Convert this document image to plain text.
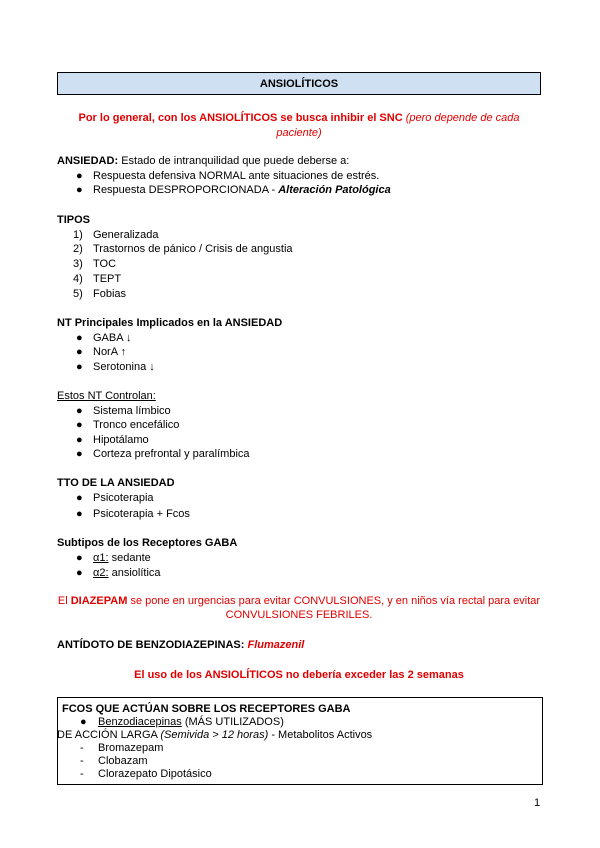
ANSIOLÍTICOS
Por lo general, con los ANSIOLÍTICOS se busca inhibir el SNC (pero depende de cada paciente)
ANSIEDAD: Estado de intranquilidad que puede deberse a:
● Respuesta defensiva NORMAL ante situaciones de estrés.
● Respuesta DESPROPORCIONADA - Alteración Patológica
TIPOS
1) Generalizada
2) Trastornos de pánico / Crisis de angustia
3) TOC
4) TEPT
5) Fobias
NT Principales Implicados en la ANSIEDAD
● GABA ↓
● NorA ↑
● Serotonina ↓
Estos NT Controlan:
● Sistema límbico
● Tronco encefálico
● Hipotálamo
● Corteza prefrontal y paralímbica
TTO DE LA ANSIEDAD
● Psicoterapia
● Psicoterapia + Fcos
Subtipos de los Receptores GABA
● α1: sedante
● α2: ansiolítica
El DIAZEPAM se pone en urgencias para evitar CONVULSIONES, y en niños vía rectal para evitar
CONVULSIONES FEBRILES.
ANTÍDOTO DE BENZODIAZEPINAS: Flumazenil
El uso de los ANSIOLÍTICOS no debería exceder las 2 semanas
FCOS QUE ACTÚAN SOBRE LOS RECEPTORES GABA
● Benzodiacepinas (MÁS UTILIZADOS)
DE ACCIÓN LARGA (Semivida > 12 horas) - Metabolitos Activos
- Bromazepam
- Clobazam
- Clorazepato Dipotásico
1
